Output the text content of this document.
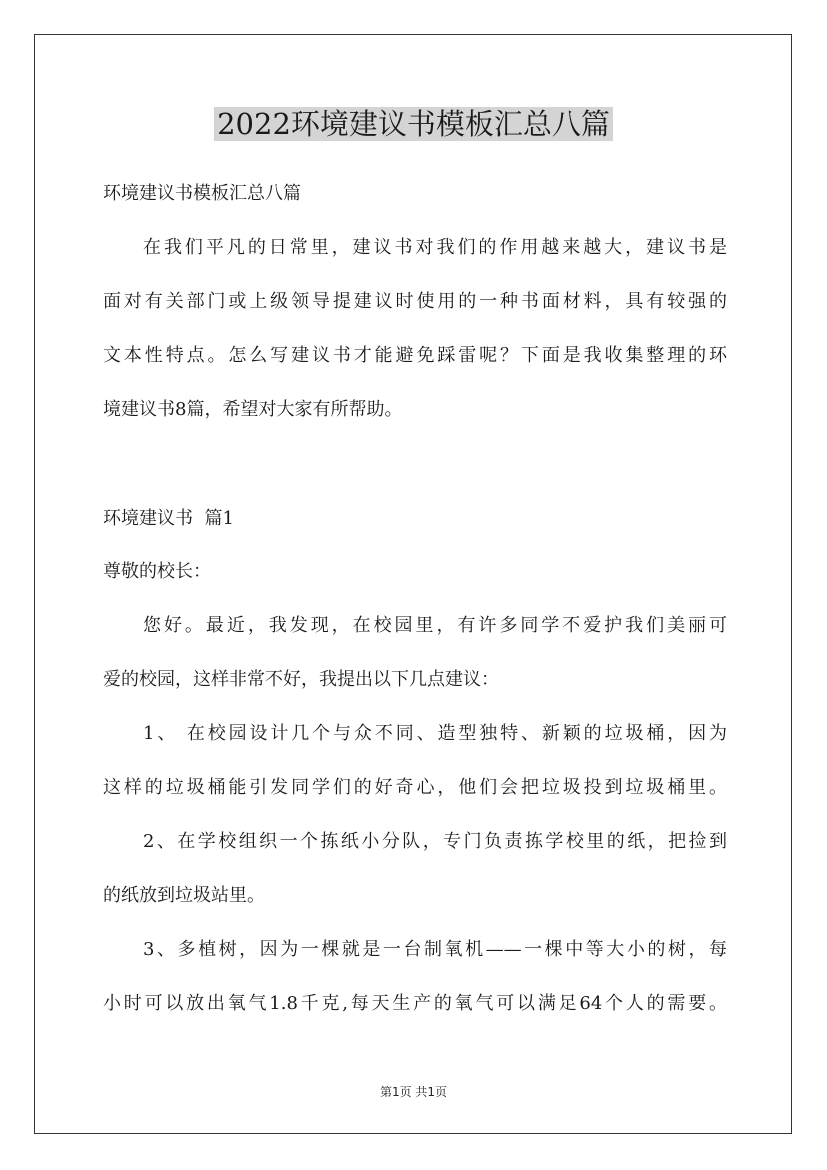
2022环境建议书模板汇总八篇

环境建议书模板汇总八篇

在我们平凡的日常里，建议书对我们的作用越来越大，建议书是

面对有关部门或上级领导提建议时使用的一种书面材料，具有较强的

文本性特点。怎么写建议书才能避免踩雷呢？下面是我收集整理的环

境建议书8篇，希望对大家有所帮助。

环境建议书  篇1

尊敬的校长：

您好。最近，我发现，在校园里，有许多同学不爱护我们美丽可

爱的校园，这样非常不好，我提出以下几点建议：

1、 在校园设计几个与众不同、造型独特、新颖的垃圾桶，因为

这样的垃圾桶能引发同学们的好奇心，他们会把垃圾投到垃圾桶里。

2、在学校组织一个拣纸小分队，专门负责拣学校里的纸，把捡到

的纸放到垃圾站里。

3、多植树，因为一棵就是一台制氧机——一棵中等大小的树，每

小时可以放出氧气1.8千克,每天生产的氧气可以满足64个人的需要。

第1页 共1页
